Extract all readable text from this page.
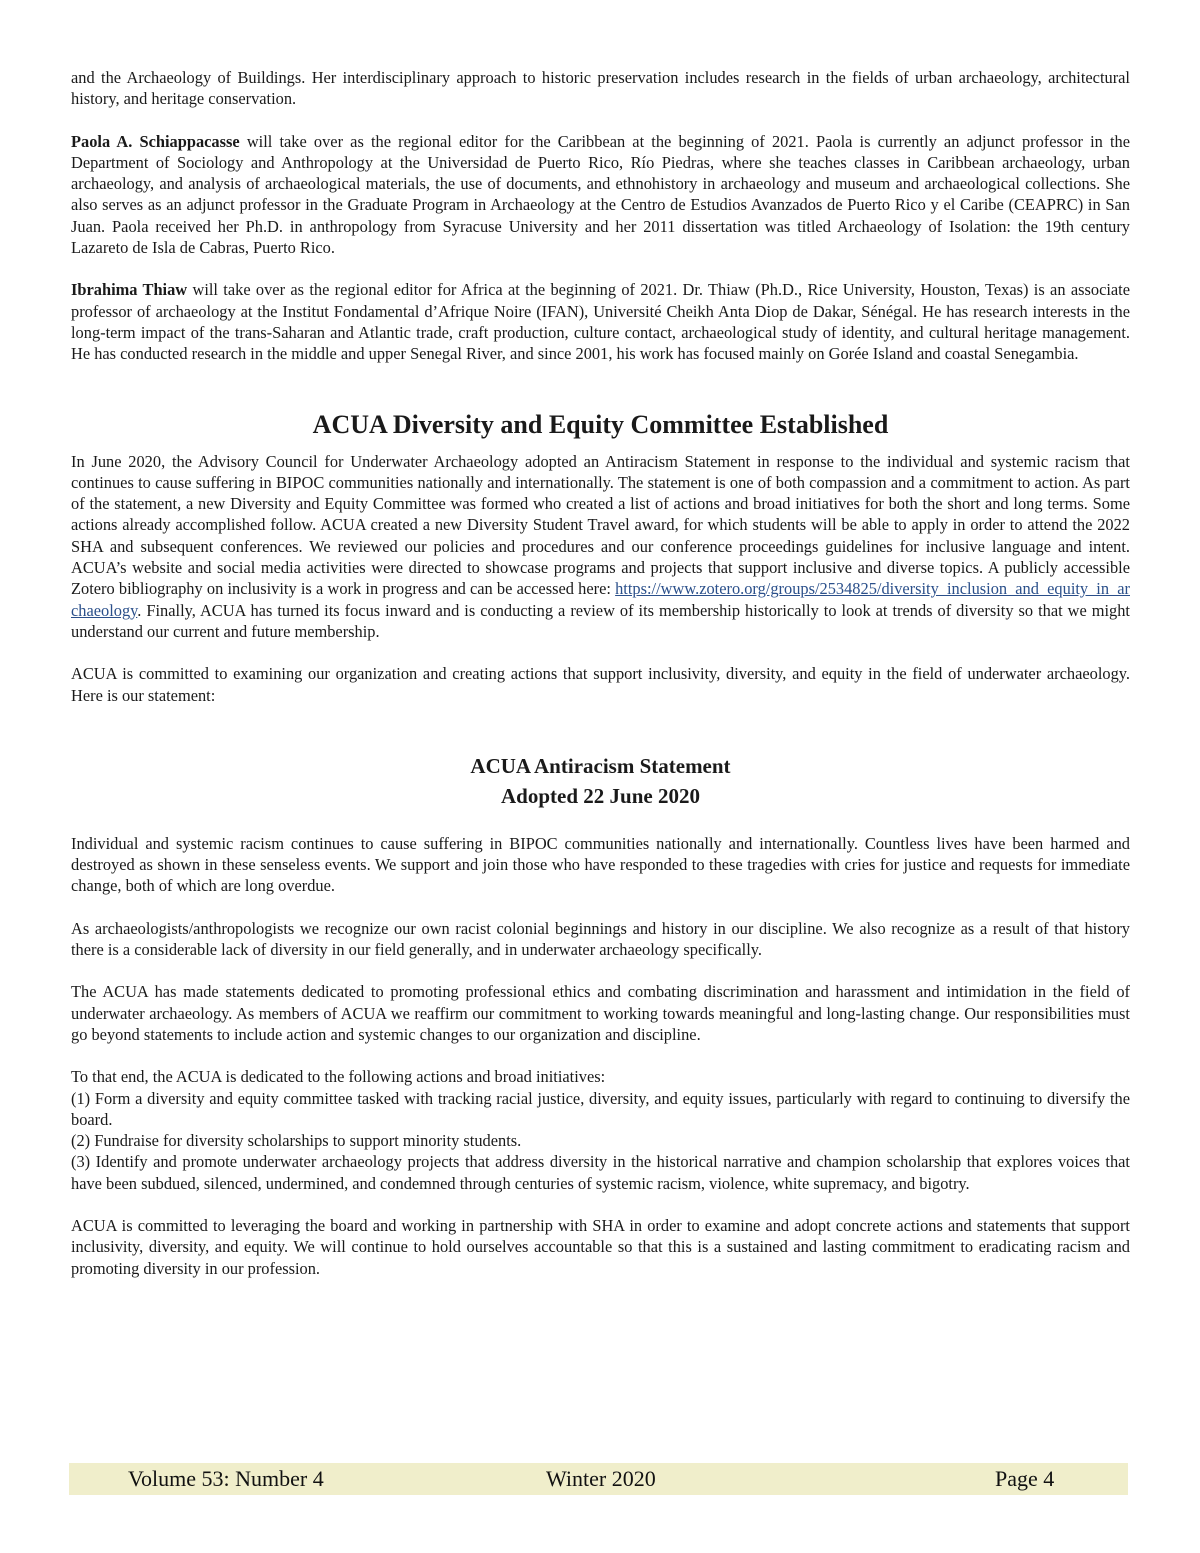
and the Archaeology of Buildings. Her interdisciplinary approach to historic preservation includes research in the fields of urban archaeology, architectural history, and heritage conservation.

Paola A. Schiappacasse will take over as the regional editor for the Caribbean at the beginning of 2021. Paola is currently an adjunct professor in the Department of Sociology and Anthropology at the Universidad de Puerto Rico, Río Piedras, where she teaches classes in Caribbean archaeology, urban archaeology, and analysis of archaeological materials, the use of documents, and ethnohistory in archaeology and museum and archaeological collections. She also serves as an adjunct professor in the Graduate Program in Archaeology at the Centro de Estudios Avanzados de Puerto Rico y el Caribe (CEAPRC) in San Juan. Paola received her Ph.D. in anthropology from Syracuse University and her 2011 dissertation was titled Archaeology of Isolation: the 19th century Lazareto de Isla de Cabras, Puerto Rico.

Ibrahima Thiaw will take over as the regional editor for Africa at the beginning of 2021. Dr. Thiaw (Ph.D., Rice University, Houston, Texas) is an associate professor of archaeology at the Institut Fondamental d’Afrique Noire (IFAN), Université Cheikh Anta Diop de Dakar, Sénégal. He has research interests in the long-term impact of the trans-Saharan and Atlantic trade, craft production, culture contact, archaeological study of identity, and cultural heritage management. He has conducted research in the middle and upper Senegal River, and since 2001, his work has focused mainly on Gorée Island and coastal Senegambia.

ACUA Diversity and Equity Committee Established

In June 2020, the Advisory Council for Underwater Archaeology adopted an Antiracism Statement in response to the individual and systemic racism that continues to cause suffering in BIPOC communities nationally and internationally. The statement is one of both compassion and a commitment to action. As part of the statement, a new Diversity and Equity Committee was formed who created a list of actions and broad initiatives for both the short and long terms. Some actions already accomplished follow. ACUA created a new Diversity Student Travel award, for which students will be able to apply in order to attend the 2022 SHA and subsequent conferences. We reviewed our policies and procedures and our conference proceedings guidelines for inclusive language and intent. ACUA’s website and social media activities were directed to showcase programs and projects that support inclusive and diverse topics. A publicly accessible Zotero bibliography on inclusivity is a work in progress and can be accessed here: https://www.zotero.org/groups/2534825/diversity_inclusion_and_equity_in_archaeology. Finally, ACUA has turned its focus inward and is conducting a review of its membership historically to look at trends of diversity so that we might understand our current and future membership.

ACUA is committed to examining our organization and creating actions that support inclusivity, diversity, and equity in the field of underwater archaeology. Here is our statement:

ACUA Antiracism Statement
Adopted 22 June 2020

Individual and systemic racism continues to cause suffering in BIPOC communities nationally and internationally. Countless lives have been harmed and destroyed as shown in these senseless events. We support and join those who have responded to these tragedies with cries for justice and requests for immediate change, both of which are long overdue.

As archaeologists/anthropologists we recognize our own racist colonial beginnings and history in our discipline. We also recognize as a result of that history there is a considerable lack of diversity in our field generally, and in underwater archaeology specifically.

The ACUA has made statements dedicated to promoting professional ethics and combating discrimination and harassment and intimidation in the field of underwater archaeology. As members of ACUA we reaffirm our commitment to working towards meaningful and long-lasting change. Our responsibilities must go beyond statements to include action and systemic changes to our organization and discipline.

To that end, the ACUA is dedicated to the following actions and broad initiatives:

(1) Form a diversity and equity committee tasked with tracking racial justice, diversity, and equity issues, particularly with regard to continuing to diversify the board.

(2) Fundraise for diversity scholarships to support minority students.

(3) Identify and promote underwater archaeology projects that address diversity in the historical narrative and champion scholarship that explores voices that have been subdued, silenced, undermined, and condemned through centuries of systemic racism, violence, white supremacy, and bigotry.

ACUA is committed to leveraging the board and working in partnership with SHA in order to examine and adopt concrete actions and statements that support inclusivity, diversity, and equity. We will continue to hold ourselves accountable so that this is a sustained and lasting commitment to eradicating racism and promoting diversity in our profession.

Volume 53: Number 4	Winter 2020	Page 4
